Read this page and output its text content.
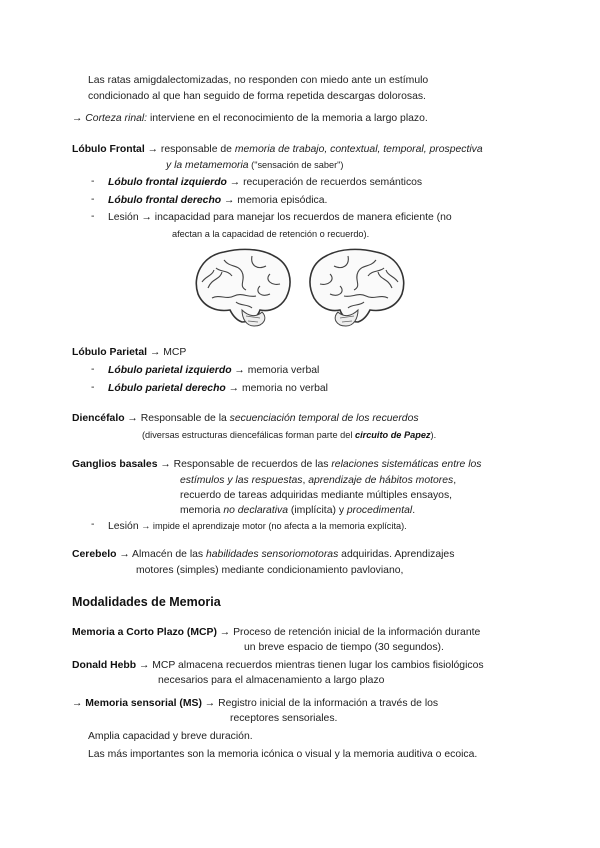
Las ratas amigdalectomizadas, no responden con miedo ante un estímulo
condicionado al que han seguido de forma repetida descargas dolorosas.
→ Corteza rinal: interviene en el reconocimiento de la memoria a largo plazo.
Lóbulo Frontal → responsable de memoria de trabajo, contextual, temporal, prospectiva
y la metamemoria ("sensación de saber")
- Lóbulo frontal izquierdo → recuperación de recuerdos semánticos
- Lóbulo frontal derecho → memoria episódica.
- Lesión → incapacidad para manejar los recuerdos de manera eficiente (no
afectan a la capacidad de retención o recuerdo).
Lóbulo Parietal → MCP
- Lóbulo parietal izquierdo → memoria verbal
- Lóbulo parietal derecho → memoria no verbal
Diencéfalo → Responsable de la secuenciación temporal de los recuerdos
(diversas estructuras diencefálicas forman parte del circuito de Papez).
Ganglios basales → Responsable de recuerdos de las relaciones sistemáticas entre los
estímulos y las respuestas, aprendizaje de hábitos motores,
recuerdo de tareas adquiridas mediante múltiples ensayos,
memoria no declarativa (implícita) y procedimental.
- Lesión → impide el aprendizaje motor (no afecta a la memoria explícita).
Cerebelo → Almacén de las habilidades sensoriomotoras adquiridas. Aprendizajes
motores (simples) mediante condicionamiento pavloviano,
Modalidades de Memoria
Memoria a Corto Plazo (MCP) → Proceso de retención inicial de la información durante
un breve espacio de tiempo (30 segundos).
Donald Hebb → MCP almacena recuerdos mientras tienen lugar los cambios fisiológicos
necesarios para el almacenamiento a largo plazo
→ Memoria sensorial (MS) → Registro inicial de la información a través de los
receptores sensoriales.
Amplia capacidad y breve duración.
Las más importantes son la memoria icónica o visual y la memoria auditiva o ecoica.
